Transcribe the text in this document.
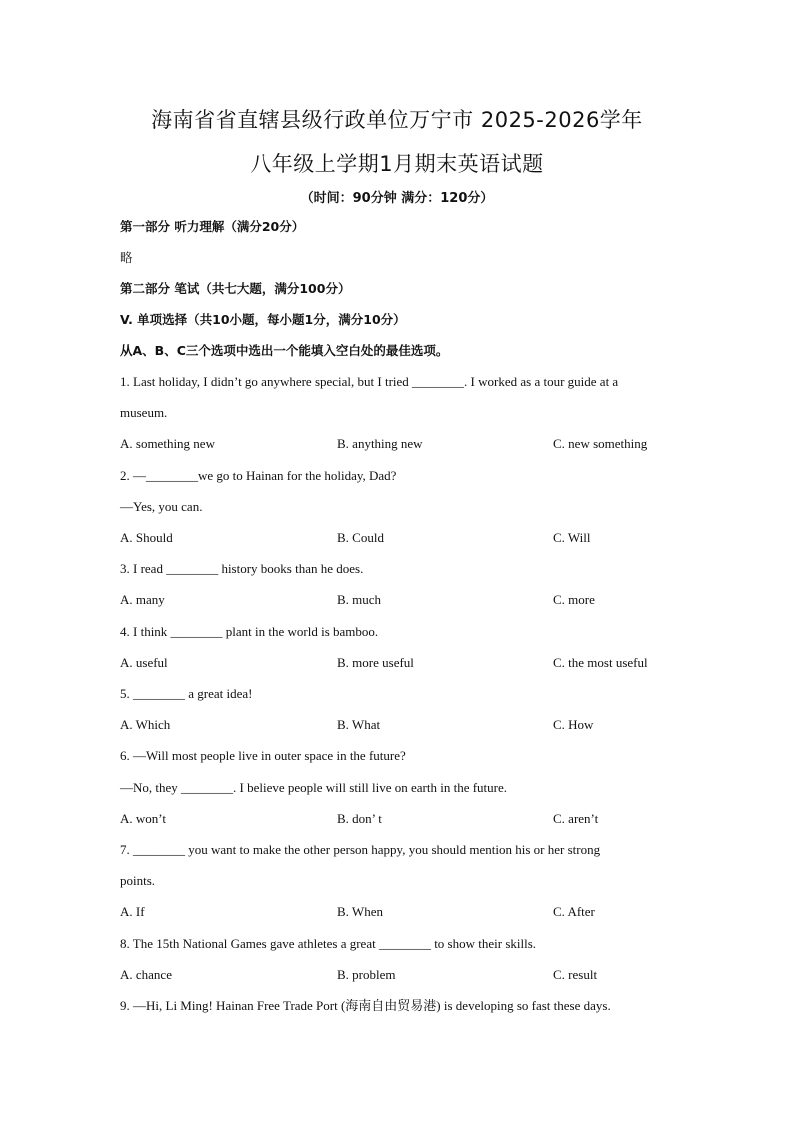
海南省省直辖县级行政单位万宁市 2025-2026学年
八年级上学期1月期末英语试题
（时间：90分钟 满分：120分）
第一部分 听力理解（满分20分）
略
第二部分 笔试（共七大题，满分100分）
V. 单项选择（共10小题，每小题1分，满分10分）
从A、B、C三个选项中选出一个能填入空白处的最佳选项。
1. Last holiday, I didn’t go anywhere special, but I tried ________. I worked as a tour guide at a
museum.
A. something new	B. anything new	C. new something
2. —________we go to Hainan for the holiday, Dad?
—Yes, you can.
A. Should	B. Could	C. Will
3. I read ________ history books than he does.
A. many	B. much	C. more
4. I think ________ plant in the world is bamboo.
A. useful	B. more useful	C. the most useful
5. ________ a great idea!
A. Which	B. What	C. How
6. —Will most people live in outer space in the future?
—No, they ________. I believe people will still live on earth in the future.
A. won’t	B. don’ t	C. aren’t
7. ________ you want to make the other person happy, you should mention his or her strong
points.
A. If	B. When	C. After
8. The 15th National Games gave athletes a great ________ to show their skills.
A. chance	B. problem	C. result
9. —Hi, Li Ming! Hainan Free Trade Port (海南自由贸易港) is developing so fast these days.
